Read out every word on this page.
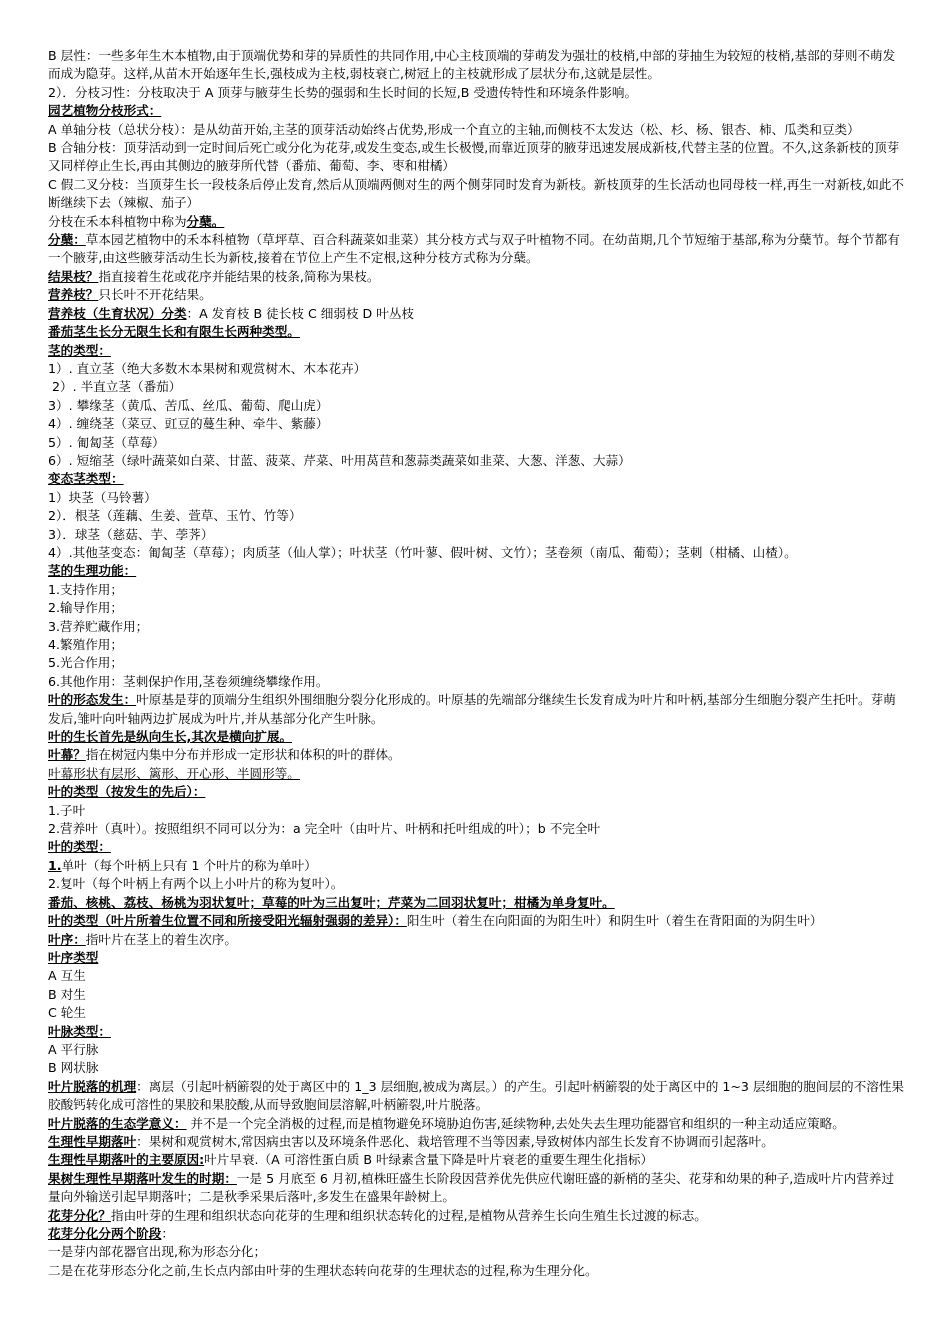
B 层性：一些多年生木本植物,由于顶端优势和芽的异质性的共同作用,中心主枝顶端的芽萌发为强壮的枝梢,中部的芽抽生为较短的枝梢,基部的芽则不萌发而成为隐芽。这样,从苗木开始逐年生长,强枝成为主枝,弱枝衰亡,树冠上的主枝就形成了层状分布,这就是层性。
2）．分枝习性：分枝取决于 A 顶芽与腋芽生长势的强弱和生长时间的长短,B 受遗传特性和环境条件影响。
园艺植物分枝形式：
A 单轴分枝（总状分枝）：是从幼苗开始,主茎的顶芽活动始终占优势,形成一个直立的主轴,而侧枝不太发达（松、杉、杨、银杏、柿、瓜类和豆类）
B 合轴分枝：顶芽活动到一定时间后死亡或分化为花芽,或发生变态,或生长极慢,而靠近顶芽的腋芽迅速发展成新枝,代替主茎的位置。不久,这条新枝的顶芽又同样停止生长,再由其侧边的腋芽所代替（番茄、葡萄、李、枣和柑橘）
C 假二叉分枝：当顶芽生长一段枝条后停止发育,然后从顶端两侧对生的两个侧芽同时发育为新枝。新枝顶芽的生长活动也同母枝一样,再生一对新枝,如此不断继续下去（辣椒、茄子）
分枝在禾本科植物中称为分蘖。
分蘖：草本园艺植物中的禾本科植物（草坪草、百合科蔬菜如韭菜）其分枝方式与双子叶植物不同。在幼苗期,几个节短缩于基部,称为分蘖节。每个节都有一个腋芽,由这些腋芽活动生长为新枝,接着在节位上产生不定根,这种分枝方式称为分蘖。
结果枝？指直接着生花或花序并能结果的枝条,简称为果枝。
营养枝？只长叶不开花结果。
营养枝（生育状况）分类：A 发育枝 B 徒长枝 C 细弱枝 D 叶丛枝
番茄茎生长分无限生长和有限生长两种类型。
茎的类型：
1）. 直立茎（绝大多数木本果树和观赏树木、木本花卉）
2）. 半直立茎（番茄）
3）. 攀缘茎（黄瓜、苦瓜、丝瓜、葡萄、爬山虎）
4）. 缠绕茎（菜豆、豇豆的蔓生种、牵牛、紫藤）
5）. 匍匐茎（草莓）
6）. 短缩茎（绿叶蔬菜如白菜、甘蓝、菠菜、芹菜、叶用莴苣和葱蒜类蔬菜如韭菜、大葱、洋葱、大蒜）
变态茎类型：
1）块茎（马铃薯）
2）．根茎（莲藕、生姜、萱草、玉竹、竹等）
3）．球茎（慈菇、芋、荸荠）
4）.其他茎变态：匍匐茎（草莓）；肉质茎（仙人掌）；叶状茎（竹叶蓼、假叶树、文竹）；茎卷须（南瓜、葡萄）；茎刺（柑橘、山楂）。
茎的生理功能：
1.支持作用；
2.输导作用；
3.营养贮藏作用；
4.繁殖作用；
5.光合作用；
6.其他作用：茎刺保护作用,茎卷须缠绕攀缘作用。
叶的形态发生：叶原基是芽的顶端分生组织外围细胞分裂分化形成的。叶原基的先端部分继续生长发育成为叶片和叶柄,基部分生细胞分裂产生托叶。芽萌发后,雏叶向叶轴两边扩展成为叶片,并从基部分化产生叶脉。
叶的生长首先是纵向生长,其次是横向扩展。
叶幕？指在树冠内集中分布并形成一定形状和体积的叶的群体。
叶幕形状有层形、篱形、开心形、半圆形等。
叶的类型（按发生的先后）：
1.子叶
2.营养叶（真叶）。按照组织不同可以分为：a 完全叶（由叶片、叶柄和托叶组成的叶）；b 不完全叶
叶的类型：
1.单叶（每个叶柄上只有 1 个叶片的称为单叶）
2.复叶（每个叶柄上有两个以上小叶片的称为复叶）。
番茄、核桃、荔枝、杨桃为羽状复叶；草莓的叶为三出复叶；芹菜为二回羽状复叶；柑橘为单身复叶。
叶的类型（叶片所着生位置不同和所接受阳光辐射强弱的差异）：阳生叶（着生在向阳面的为阳生叶）和阴生叶（着生在背阳面的为阴生叶）
叶序：指叶片在茎上的着生次序。
叶序类型
A 互生
B 对生
C 轮生
叶脉类型：
A 平行脉
B 网状脉
叶片脱落的机理：离层（引起叶柄簖裂的处于离区中的 1_3 层细胞,被成为离层。）的产生。引起叶柄簖裂的处于离区中的 1~3 层细胞的胞间层的不溶性果胶酸钙转化成可溶性的果胶和果胶酸,从而导致胞间层溶解,叶柄簖裂,叶片脱落。
叶片脱落的生态学意义： 并不是一个完全消极的过程,而是植物避免环境胁迫伤害,延续物种,去处失去生理功能器官和组织的一种主动适应策略。
生理性早期落叶：果树和观赏树木,常因病虫害以及环境条件恶化、栽培管理不当等因素,导致树体内部生长发育不协调而引起落叶。
生理性早期落叶的主要原因:叶片早衰.（A 可溶性蛋白质 B 叶绿素含量下降是叶片衰老的重要生理生化指标）
果树生理性早期落叶发生的时期：一是 5 月底至 6 月初,植株旺盛生长阶段因营养优先供应代谢旺盛的新梢的茎尖、花芽和幼果的种子,造成叶片内营养过量向外输送引起早期落叶；二是秋季采果后落叶,多发生在盛果年龄树上。
花芽分化？指由叶芽的生理和组织状态向花芽的生理和组织状态转化的过程,是植物从营养生长向生殖生长过渡的标志。
花芽分化分两个阶段：
一是芽内部花器官出现,称为形态分化；
二是在花芽形态分化之前,生长点内部由叶芽的生理状态转向花芽的生理状态的过程,称为生理分化。
